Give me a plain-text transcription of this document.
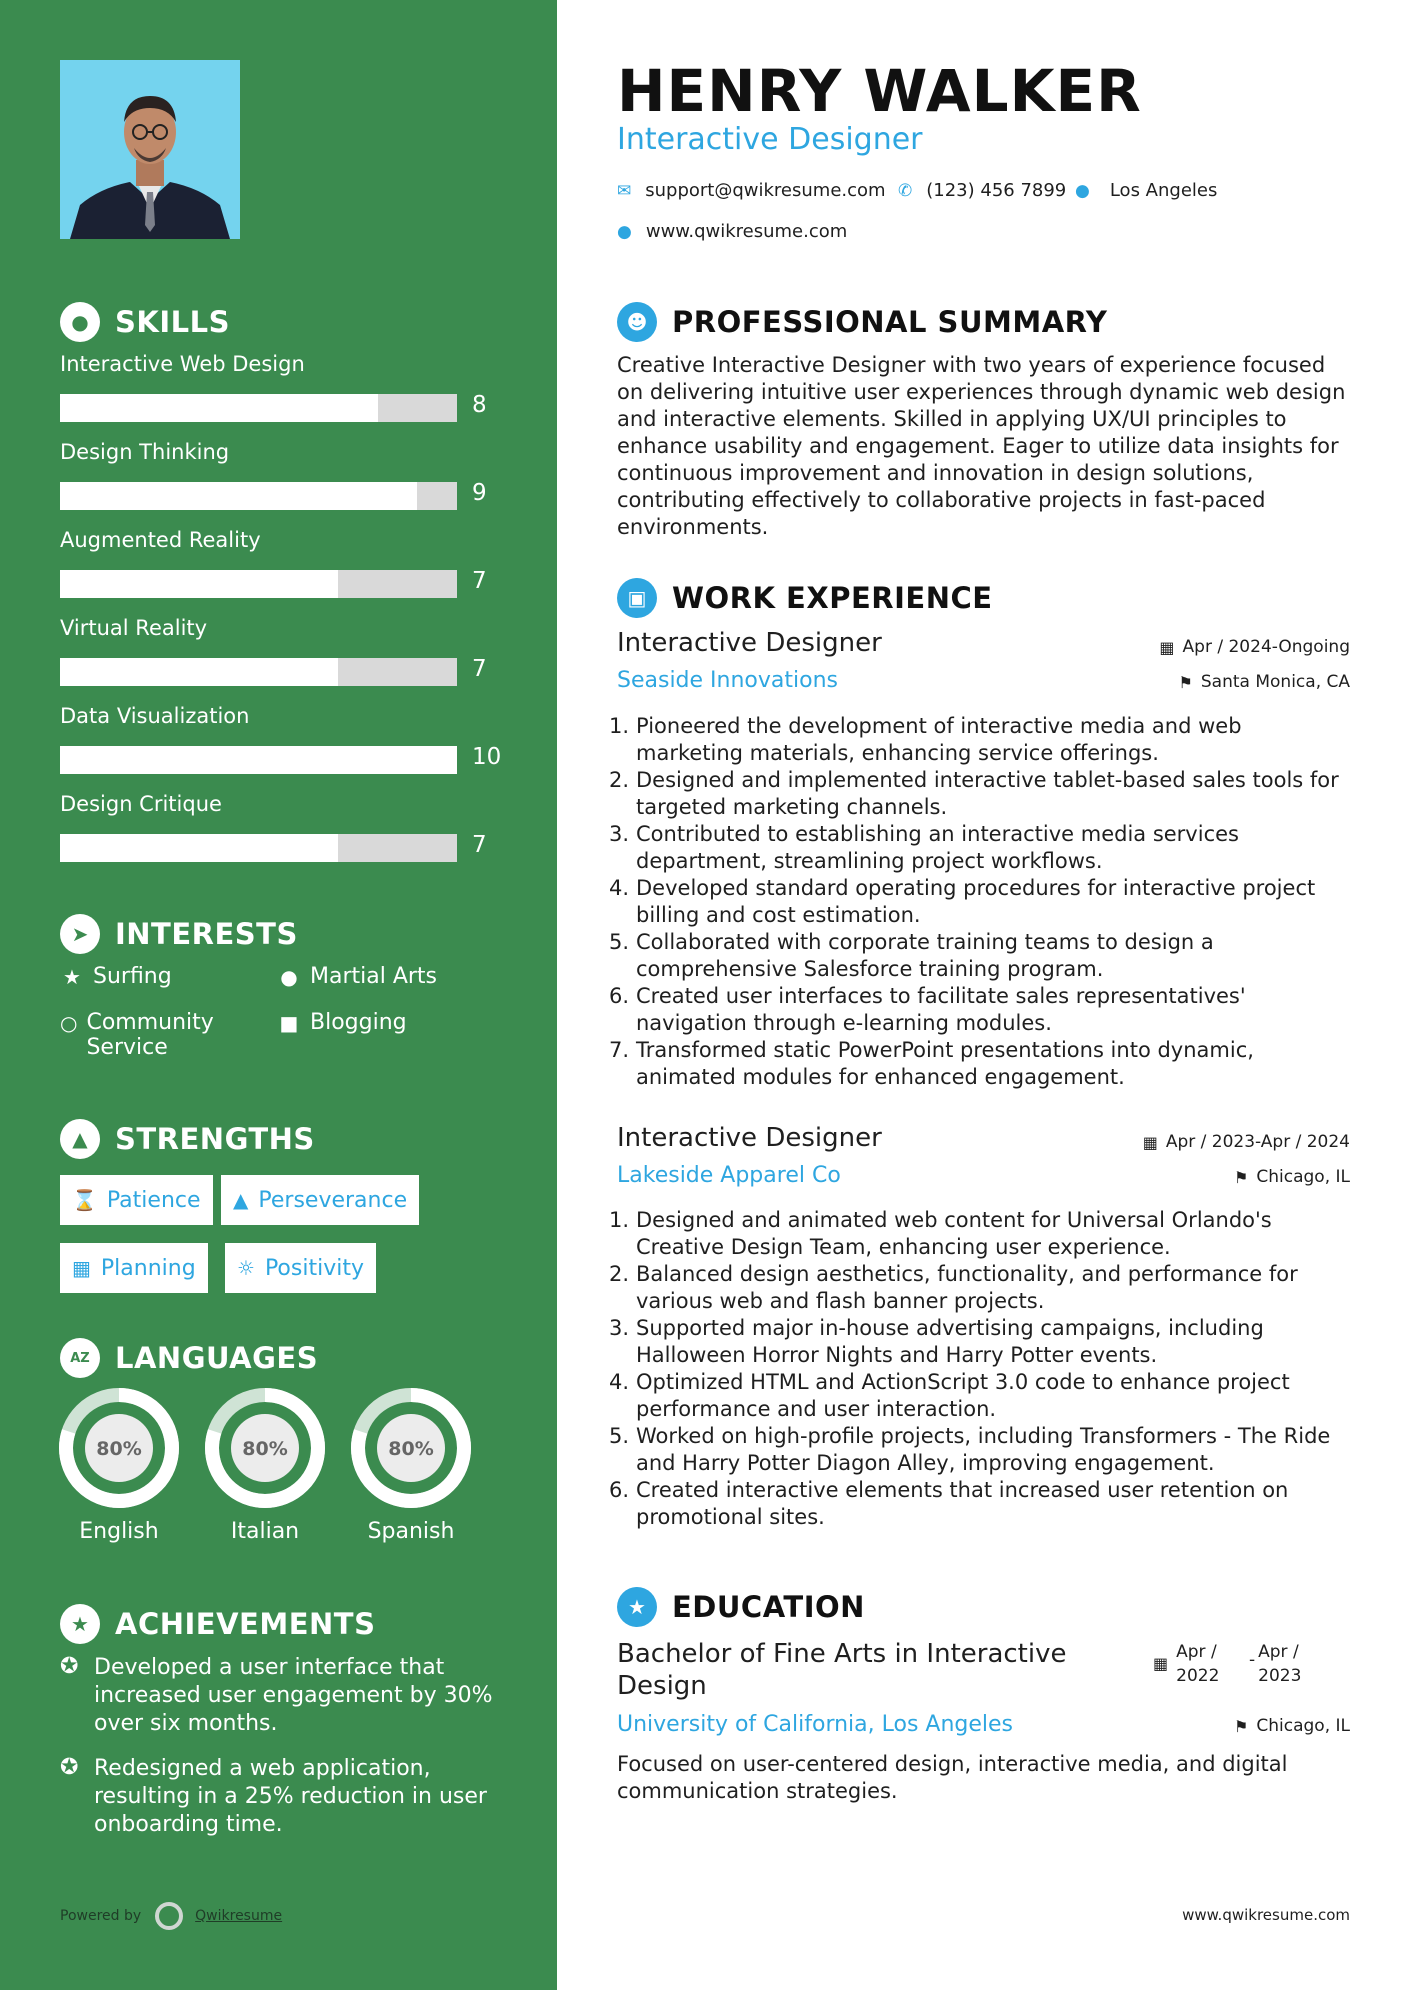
● SKILLS
Interactive Web Design
8
Design Thinking
9
Augmented Reality
7
Virtual Reality
7
Data Visualization
10
Design Critique
7
➤ INTERESTS
★ Surfing	● Martial Arts
○ Community Service
■ Blogging
▲ STRENGTHS
⌛ Patience ▲ Perseverance
▦ Planning ☼ Positivity
AZ LANGUAGES
80%
English
80%
Italian
80%
Spanish
★ ACHIEVEMENTS
✪ Developed a user interface that increased user engagement by 30% over six months.
✪ Redesigned a web application, resulting in a 25% reduction in user onboarding time.
Powered by	Qwikresume
HENRY WALKER
Interactive Designer
✉ support@qwikresume.com ✆ (123) 456 7899 ● Los Angeles
● www.qwikresume.com
☻ PROFESSIONAL SUMMARY
Creative Interactive Designer with two years of experience focused on delivering intuitive user experiences through dynamic web design and interactive elements. Skilled in applying UX/UI principles to enhance usability and engagement. Eager to utilize data insights for continuous improvement and innovation in design solutions, contributing effectively to collaborative projects in fast-paced environments.
▣ WORK EXPERIENCE
Interactive Designer
Seaside Innovations
▦ Apr / 2024-Ongoing
⚑ Santa Monica, CA
1. Pioneered the development of interactive media and web marketing materials, enhancing service offerings.
2. Designed and implemented interactive tablet-based sales tools for targeted marketing channels.
3. Contributed to establishing an interactive media services department, streamlining project workflows.
4. Developed standard operating procedures for interactive project billing and cost estimation.
5. Collaborated with corporate training teams to design a comprehensive Salesforce training program.
6. Created user interfaces to facilitate sales representatives' navigation through e-learning modules.
7. Transformed static PowerPoint presentations into dynamic, animated modules for enhanced engagement.
Interactive Designer
Lakeside Apparel Co
▦ Apr / 2023-Apr / 2024
⚑ Chicago, IL
1. Designed and animated web content for Universal Orlando's Creative Design Team, enhancing user experience.
2. Balanced design aesthetics, functionality, and performance for various web and flash banner projects.
3. Supported major in-house advertising campaigns, including Halloween Horror Nights and Harry Potter events.
4. Optimized HTML and ActionScript 3.0 code to enhance project performance and user interaction.
5. Worked on high-profile projects, including Transformers - The Ride and Harry Potter Diagon Alley, improving engagement.
6. Created interactive elements that increased user retention on promotional sites.
★ EDUCATION
Bachelor of Fine Arts in Interactive Design
▦
Apr / 2022
- Apr / 2023
University of California, Los Angeles	⚑ Chicago, IL
Focused on user-centered design, interactive media, and digital communication strategies.
www.qwikresume.com
